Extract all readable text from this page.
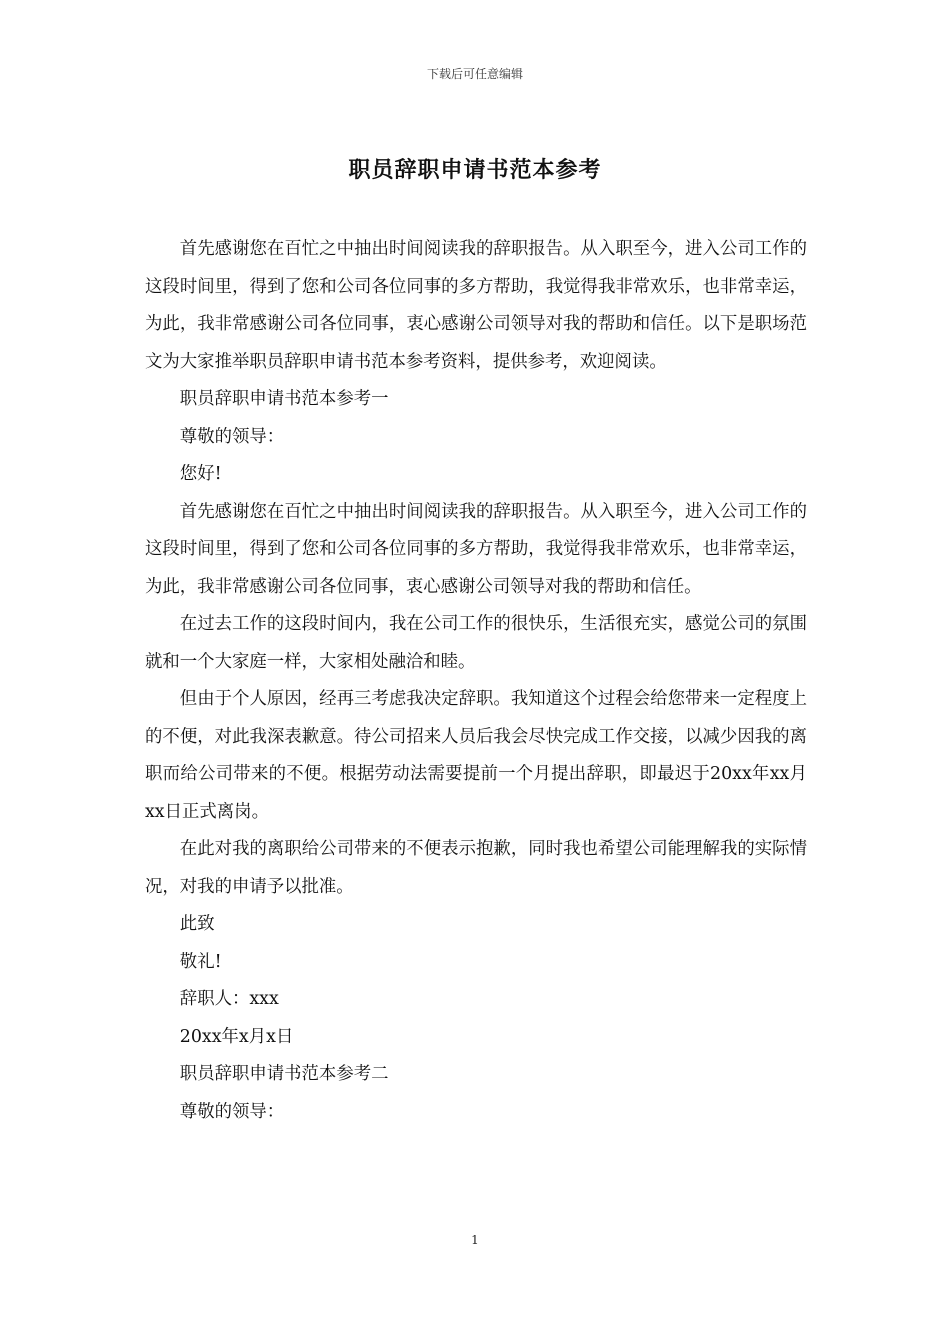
下载后可任意编辑
职员辞职申请书范本参考

首先感谢您在百忙之中抽出时间阅读我的辞职报告。从入职至今，进入公司工作的这段时间里，得到了您和公司各位同事的多方帮助，我觉得我非常欢乐，也非常幸运，为此，我非常感谢公司各位同事，衷心感谢公司领导对我的帮助和信任。以下是职场范文为大家推举职员辞职申请书范本参考资料，提供参考，欢迎阅读。

职员辞职申请书范本参考一

尊敬的领导：

您好!

首先感谢您在百忙之中抽出时间阅读我的辞职报告。从入职至今，进入公司工作的这段时间里，得到了您和公司各位同事的多方帮助，我觉得我非常欢乐，也非常幸运，为此，我非常感谢公司各位同事，衷心感谢公司领导对我的帮助和信任。

在过去工作的这段时间内，我在公司工作的很快乐，生活很充实，感觉公司的氛围就和一个大家庭一样，大家相处融洽和睦。

但由于个人原因，经再三考虑我决定辞职。我知道这个过程会给您带来一定程度上的不便，对此我深表歉意。待公司招来人员后我会尽快完成工作交接，以减少因我的离职而给公司带来的不便。根据劳动法需要提前一个月提出辞职，即最迟于20xx年xx月xx日正式离岗。

在此对我的离职给公司带来的不便表示抱歉，同时我也希望公司能理解我的实际情况，对我的申请予以批准。

此致

敬礼!

辞职人：xxx

20xx年x月x日

职员辞职申请书范本参考二

尊敬的领导：

1
